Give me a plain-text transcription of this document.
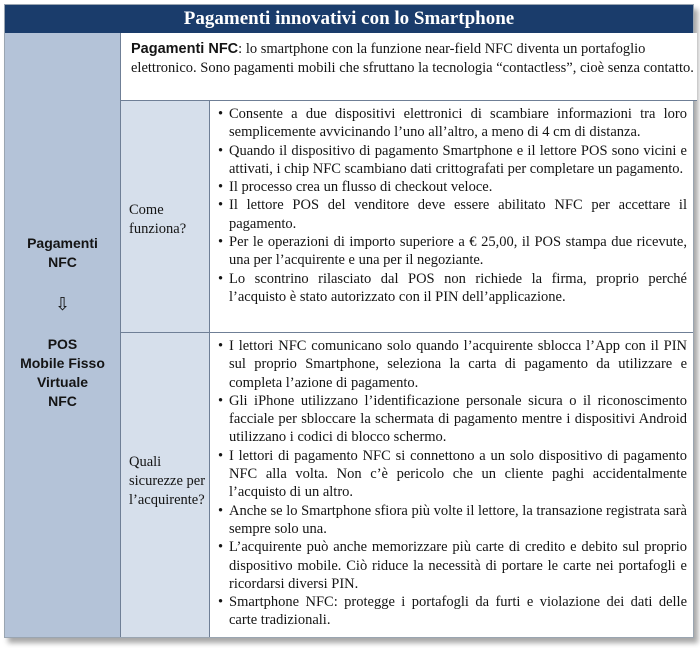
Pagamenti innovativi con lo Smartphone
Pagamenti
NFC
⇩
POS
Mobile Fisso
Virtuale
NFC
Pagamenti NFC: lo smartphone con la funzione near-field NFC diventa un portafoglio elettronico. Sono pagamenti mobili che sfruttano la tecnologia “contactless”, cioè senza contatto.
Come funziona?
• Consente a due dispositivi elettronici di scambiare informazioni tra loro semplicemente avvicinando l’uno all’altro, a meno di 4 cm di distanza.
• Quando il dispositivo di pagamento Smartphone e il lettore POS sono vicini e attivati, i chip NFC scambiano dati crittografati per completare un pagamento.
• Il processo crea un flusso di checkout veloce.
• Il lettore POS del venditore deve essere abilitato NFC per accettare il pagamento.
• Per le operazioni di importo superiore a € 25,00, il POS stampa due ricevute, una per l’acquirente e una per il negoziante.
• Lo scontrino rilasciato dal POS non richiede la firma, proprio perché l’acquisto è stato autorizzato con il PIN dell’applicazione.
Quali sicurezze per l’acquirente?
• I lettori NFC comunicano solo quando l’acquirente sblocca l’App con il PIN sul proprio Smartphone, seleziona la carta di pagamento da utilizzare e completa l’azione di pagamento.
• Gli iPhone utilizzano l’identificazione personale sicura o il riconoscimento facciale per sbloccare la schermata di pagamento mentre i dispositivi Android utilizzano i codici di blocco schermo.
• I lettori di pagamento NFC si connettono a un solo dispositivo di pagamento NFC alla volta. Non c’è pericolo che un cliente paghi accidentalmente l’acquisto di un altro.
• Anche se lo Smartphone sfiora più volte il lettore, la transazione registrata sarà sempre solo una.
• L’acquirente può anche memorizzare più carte di credito e debito sul proprio dispositivo mobile. Ciò riduce la necessità di portare le carte nei portafogli e ricordarsi diversi PIN.
• Smartphone NFC: protegge i portafogli da furti e violazione dei dati delle carte tradizionali.
